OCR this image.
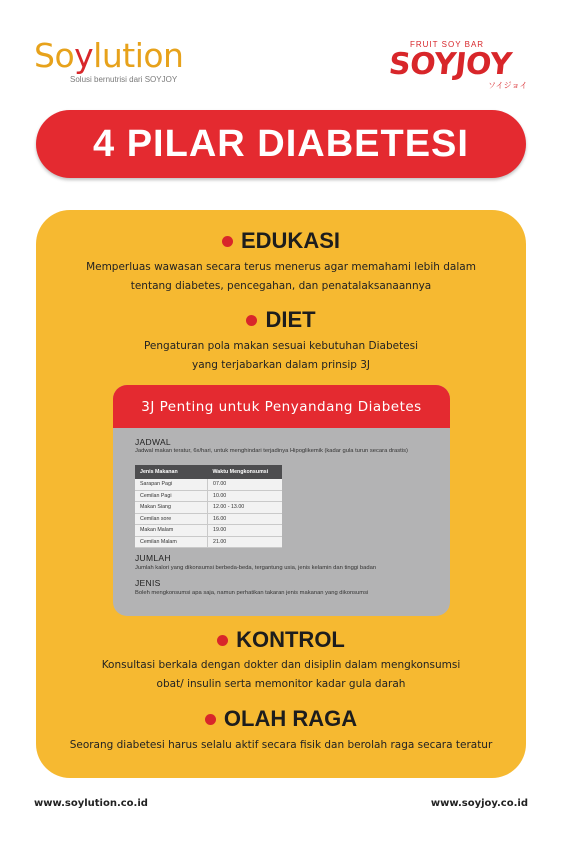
Soylution
Solusi bernutrisi dari SOYJOY
FRUIT SOY BAR
SOYJOY
ソイジョイ
4 PILAR DIABETESI
EDUKASI
Memperluas wawasan secara terus menerus agar memahami lebih dalam
tentang diabetes, pencegahan, dan penatalaksanaannya
DIET
Pengaturan pola makan sesuai kebutuhan Diabetesi
yang terjabarkan dalam prinsip 3J
3J Penting untuk Penyandang Diabetes
JADWAL
Jadwal makan teratur, 6x/hari, untuk menghindari terjadinya Hipoglikemik (kadar gula turun secara drastis)
Jenis Makanan	Waktu Mengkonsumsi
Sarapan Pagi	07.00
Cemilan Pagi	10.00
Makan Siang	12.00 - 13.00
Cemilan sore	16.00
Makan Malam	19.00
Cemilan Malam	21.00
JUMLAH
Jumlah kalori yang dikonsumsi berbeda-beda, tergantung usia, jenis kelamin dan tinggi badan
JENIS
Boleh mengkonsumsi apa saja, namun perhatikan takaran jenis makanan yang dikonsumsi
KONTROL
Konsultasi berkala dengan dokter dan disiplin dalam mengkonsumsi
obat/ insulin serta memonitor kadar gula darah
OLAH RAGA
Seorang diabetesi harus selalu aktif secara fisik dan berolah raga secara teratur
www.soylution.co.id	www.soyjoy.co.id
